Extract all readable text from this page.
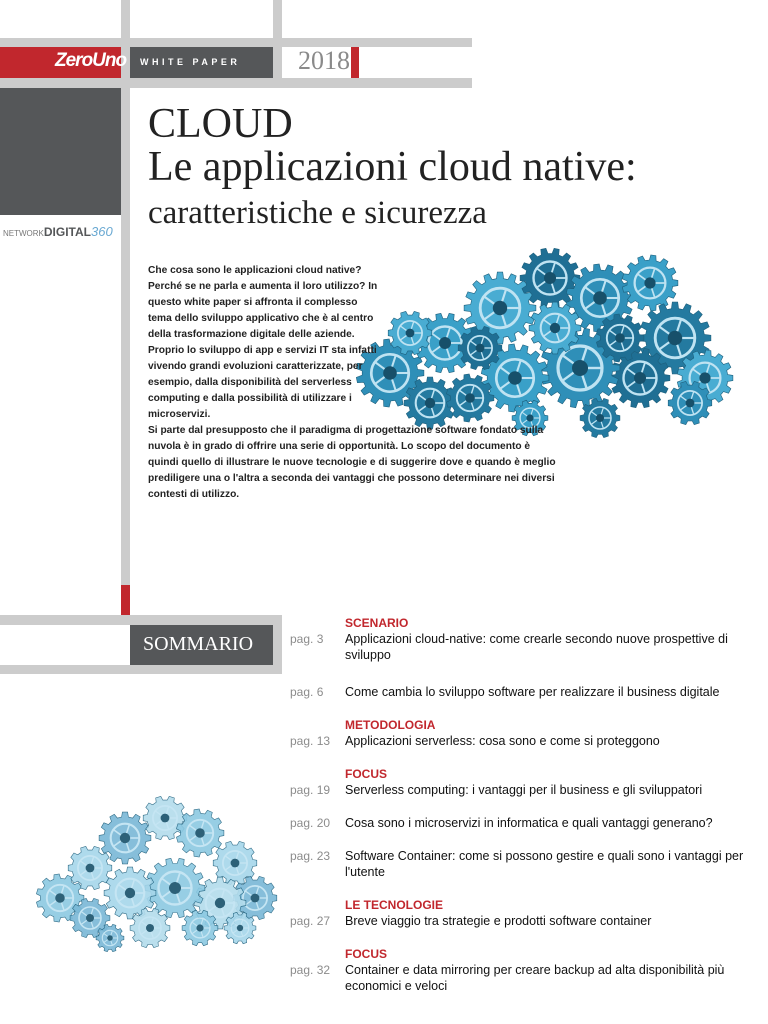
ZeroUno WHITE PAPER 2018
NETWORKDIGITAL360
CLOUD
Le applicazioni cloud native:
caratteristiche e sicurezza

Che cosa sono le applicazioni cloud native? Perché se ne parla e aumenta il loro utilizzo? In questo white paper si affronta il complesso tema dello sviluppo applicativo che è al centro della trasformazione digitale delle aziende. Proprio lo sviluppo di app e servizi IT sta infatti vivendo grandi evoluzioni caratterizzate, per esempio, dalla disponibilità del serverless computing e dalla possibilità di utilizzare i microservizi.

Si parte dal presupposto che il paradigma di progettazione software fondato sulla nuvola è in grado di offrire una serie di opportunità. Lo scopo del documento è quindi quello di illustrare le nuove tecnologie e di suggerire dove e quando è meglio prediligere una o l'altra a seconda dei vantaggi che possono determinare nei diversi contesti di utilizzo.

SOMMARIO
SCENARIO
pag. 3	Applicazioni cloud-native: come crearle secondo nuove prospettive di sviluppo
pag. 6	Come cambia lo sviluppo software per realizzare il business digitale
METODOLOGIA
pag. 13	Applicazioni serverless: cosa sono e come si proteggono
FOCUS
pag. 19	Serverless computing: i vantaggi per il business e gli sviluppatori
pag. 20	Cosa sono i microservizi in informatica e quali vantaggi generano?
pag. 23	Software Container: come si possono gestire e quali sono i vantaggi per l'utente
LE TECNOLOGIE
pag. 27	Breve viaggio tra strategie e prodotti software container
FOCUS
pag. 32	Container e data mirroring per creare backup ad alta disponibilità più economici e veloci
